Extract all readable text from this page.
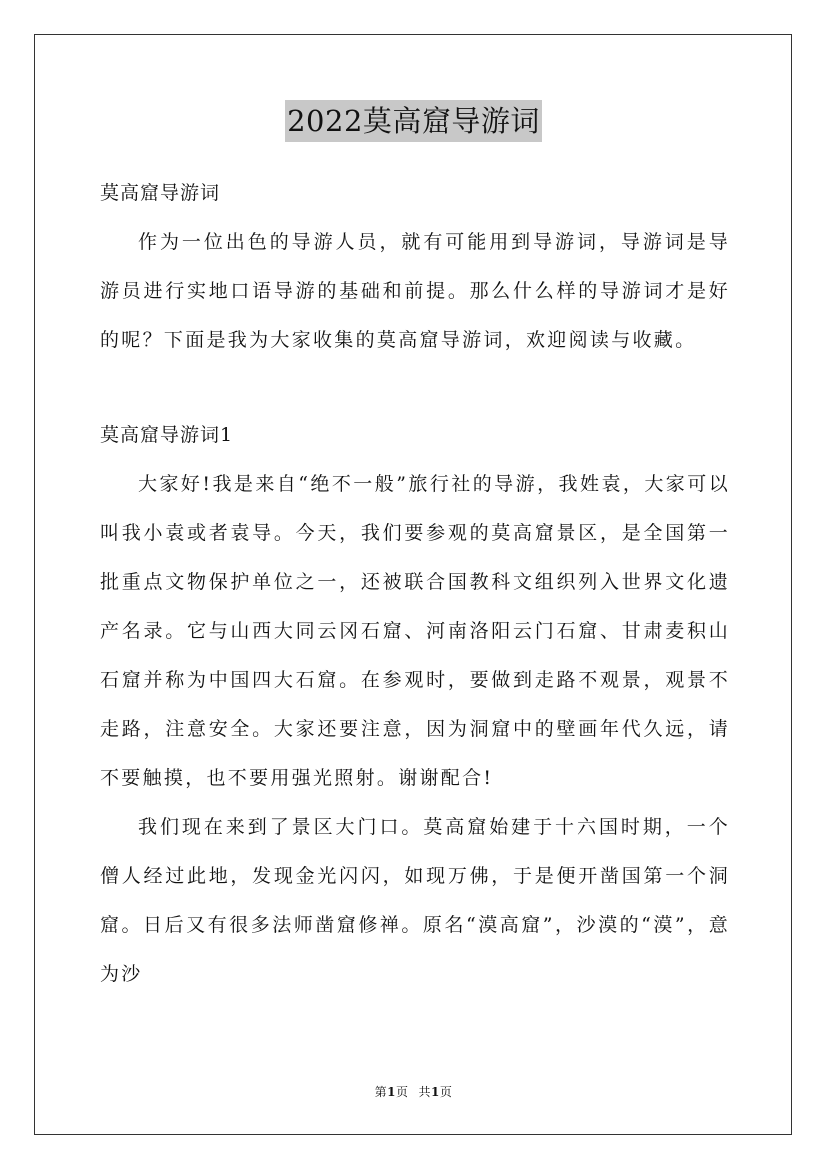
2022莫高窟导游词

莫高窟导游词

作为一位出色的导游人员，就有可能用到导游词，导游词是导游员进行实地口语导游的基础和前提。那么什么样的导游词才是好的呢？下面是我为大家收集的莫高窟导游词，欢迎阅读与收藏。

莫高窟导游词1

大家好!我是来自“绝不一般”旅行社的导游，我姓袁，大家可以叫我小袁或者袁导。今天，我们要参观的莫高窟景区，是全国第一批重点文物保护单位之一，还被联合国教科文组织列入世界文化遗产名录。它与山西大同云冈石窟、河南洛阳云门石窟、甘肃麦积山石窟并称为中国四大石窟。在参观时，要做到走路不观景，观景不走路，注意安全。大家还要注意，因为洞窟中的壁画年代久远，请不要触摸，也不要用强光照射。谢谢配合!

我们现在来到了景区大门口。莫高窟始建于十六国时期，一个僧人经过此地，发现金光闪闪，如现万佛，于是便开凿国第一个洞窟。日后又有很多法师凿窟修禅。原名“漠高窟”，沙漠的“漠”，意为沙

第1页 共1页
